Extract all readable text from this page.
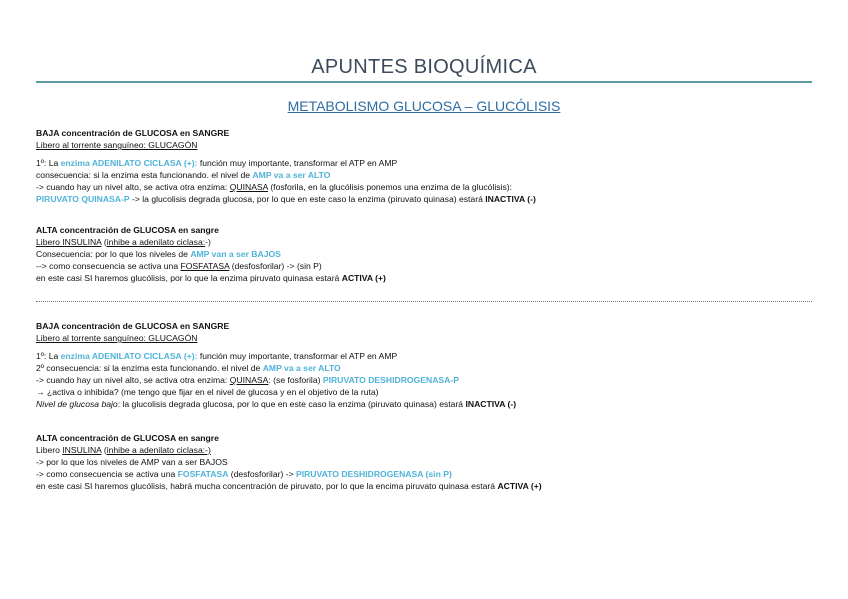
APUNTES BIOQUÍMICA
METABOLISMO GLUCOSA – GLUCÓLISIS
BAJA concentración de GLUCOSA en SANGRE
Libero al torrente sanguíneo: GLUCAGÓN
1º: La enzima ADENILATO CICLASA (+): función muy importante, transformar el ATP en AMP
consecuencia: si la enzima esta funcionando. el nivel de AMP va a ser ALTO
-> cuando hay un nivel alto, se activa otra enzima: QUINASA (fosforila, en la glucólisis ponemos una enzima de la glucólisis):
PIRUVATO QUINASA-P -> la glucolisis degrada glucosa, por lo que en este caso la enzima (piruvato quinasa) estará INACTIVA (-)
ALTA concentración de GLUCOSA en sangre
Libero INSULINA (inhibe a adenilato ciclasa:-)
Consecuencia: por lo que los niveles de AMP van a ser BAJOS
--> como consecuencia se activa una FOSFATASA (desfosforilar) -> (sin P)
en este casi SI haremos glucólisis, por lo que la enzima piruvato quinasa estará ACTIVA (+)
BAJA concentración de GLUCOSA en SANGRE
Libero al torrente sanguíneo: GLUCAGÓN
1º: La enzima ADENILATO CICLASA (+): función muy importante, transformar el ATP en AMP
2º consecuencia: si la enzima esta funcionando. el nivel de AMP va a ser ALTO
-> cuando hay un nivel alto, se activa otra enzima: QUINASA: (se fosforila) PIRUVATO DESHIDROGENASA-P
→ ¿activa o inhibida? (me tengo que fijar en el nivel de glucosa y en el objetivo de la ruta)
Nivel de glucosa bajo: la glucolisis degrada glucosa, por lo que en este caso la enzima (piruvato quinasa) estará INACTIVA (-)
ALTA concentración de GLUCOSA en sangre
Libero INSULINA (inhibe a adenilato ciclasa:-)
-> por lo que los niveles de AMP van a ser BAJOS
-> como consecuencia se activa una FOSFATASA (desfosforilar) -> PIRUVATO DESHIDROGENASA (sin P)
en este casi SI haremos glucólisis, habrá mucha concentración de piruvato, por lo que la encima piruvato quinasa estará ACTIVA (+)
